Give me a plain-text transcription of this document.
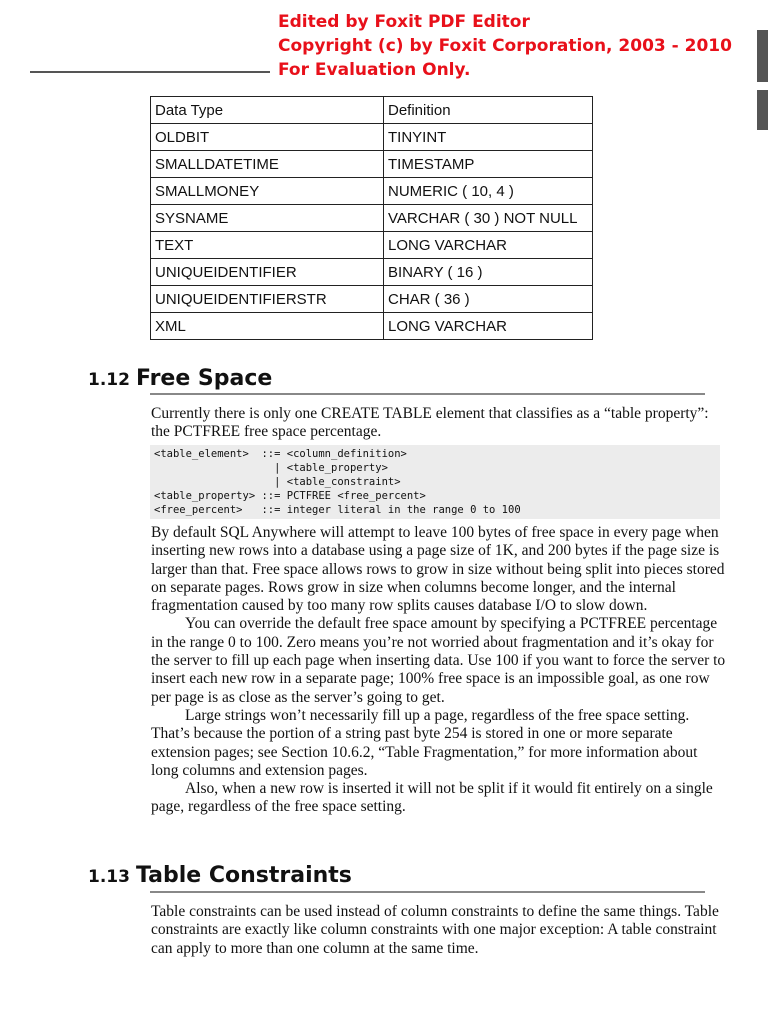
Edited by Foxit PDF Editor
Copyright (c) by Foxit Corporation, 2003 - 2010
For Evaluation Only.
Data Type	Definition
OLDBIT	TINYINT
SMALLDATETIME	TIMESTAMP
SMALLMONEY	NUMERIC ( 10, 4 )
SYSNAME	VARCHAR ( 30 ) NOT NULL
TEXT	LONG VARCHAR
UNIQUEIDENTIFIER	BINARY ( 16 )
UNIQUEIDENTIFIERSTR	CHAR ( 36 )
XML	LONG VARCHAR
1.12 Free Space

Currently there is only one CREATE TABLE element that classifies as a “table property”: the PCTFREE free space percentage.

<table_element>  ::= <column_definition>
| <table_property>
| <table_constraint>
<table_property> ::= PCTFREE <free_percent>
<free_percent>   ::= integer literal in the range 0 to 100
By default SQL Anywhere will attempt to leave 100 bytes of free space in every page when inserting new rows into a database using a page size of 1K, and 200 bytes if the page size is larger than that. Free space allows rows to grow in size without being split into pieces stored on separate pages. Rows grow in size when columns become longer, and the internal fragmentation caused by too many row splits causes database I/O to slow down.
You can override the default free space amount by specifying a PCTFREE percentage in the range 0 to 100. Zero means you’re not worried about fragmentation and it’s okay for the server to fill up each page when inserting data. Use 100 if you want to force the server to insert each new row in a separate page; 100% free space is an impossible goal, as one row per page is as close as the server’s going to get.
Large strings won’t necessarily fill up a page, regardless of the free space setting. That’s because the portion of a string past byte 254 is stored in one or more separate extension pages; see Section 10.6.2, “Table Fragmentation,” for more information about long columns and extension pages.
Also, when a new row is inserted it will not be split if it would fit entirely on a single page, regardless of the free space setting.
1.13 Table Constraints

Table constraints can be used instead of column constraints to define the same things. Table constraints are exactly like column constraints with one major exception: A table constraint can apply to more than one column at the same time.
